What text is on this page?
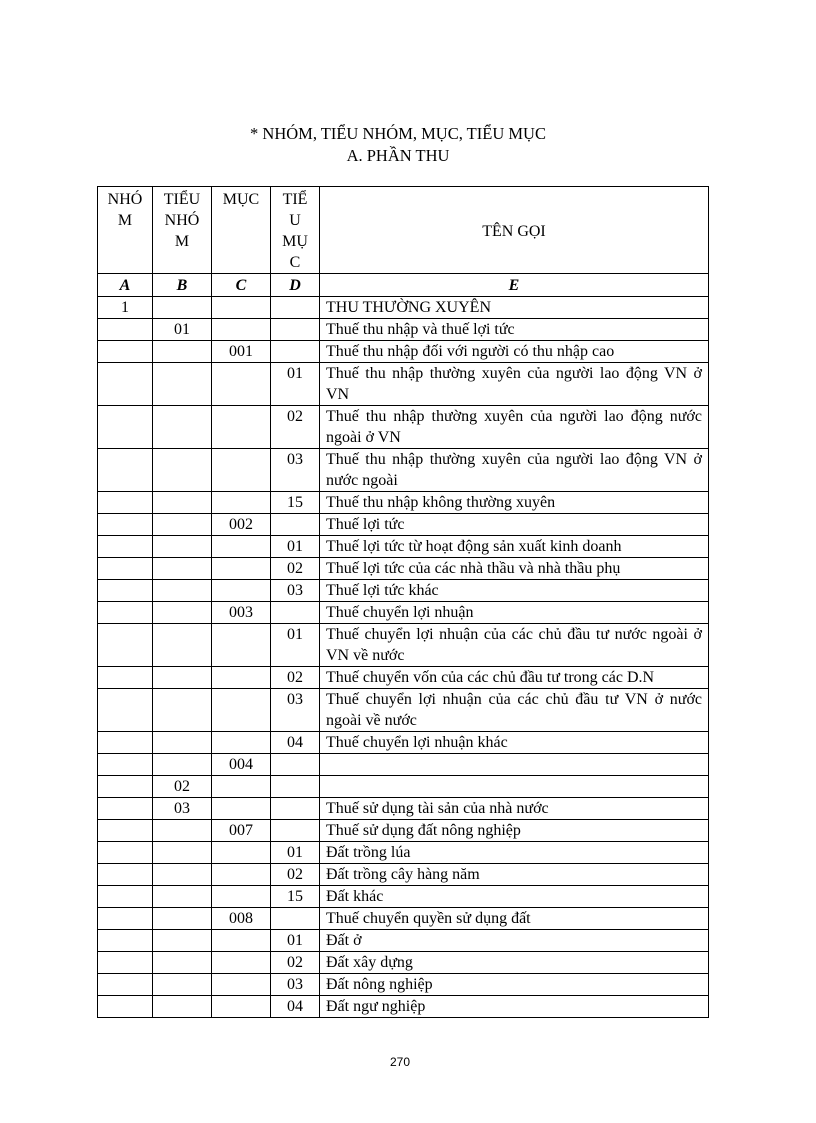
* NHÓM, TIỂU NHÓM, MỤC, TIỂU MỤC
A. PHẦN THU
NHÓ M	TIỂU NHÓ M	MỤC	TIỂ U MỤ C	TÊN GỌI
A	B	C	D	E
1				THU THƯỜNG XUYÊN
	01			Thuế thu nhập và thuế lợi tức
		001		Thuế thu nhập đối với người có thu nhập cao
			01	Thuế thu nhập thường xuyên của người lao động VN ở VN
			02	Thuế thu nhập thường xuyên của người lao động nước ngoài ở VN
			03	Thuế thu nhập thường xuyên của người lao động VN ở nước ngoài
			15	Thuế thu nhập không thường xuyên
		002		Thuế lợi tức
			01	Thuế lợi tức từ hoạt động sản xuất kinh doanh
			02	Thuế lợi tức của các nhà thầu và nhà thầu phụ
			03	Thuế lợi tức khác
		003		Thuế chuyển lợi nhuận
			01	Thuế chuyển lợi nhuận của các chủ đầu tư nước ngoài ở VN về nước
			02	Thuế chuyển vốn của các chủ đầu tư trong các D.N
			03	Thuế chuyển lợi nhuận của các chủ đầu tư VN ở nước ngoài về nước
			04	Thuế chuyển lợi nhuận khác
		004		
	02			
	03			Thuế sử dụng tài sản của nhà nước
		007		Thuế sử dụng đất nông nghiệp
			01	Đất trồng lúa
			02	Đất trồng cây hàng năm
			15	Đất khác
		008		Thuế chuyển quyền sử dụng đất
			01	Đất ở
			02	Đất xây dựng
			03	Đất nông nghiệp
			04	Đất ngư nghiệp
270
